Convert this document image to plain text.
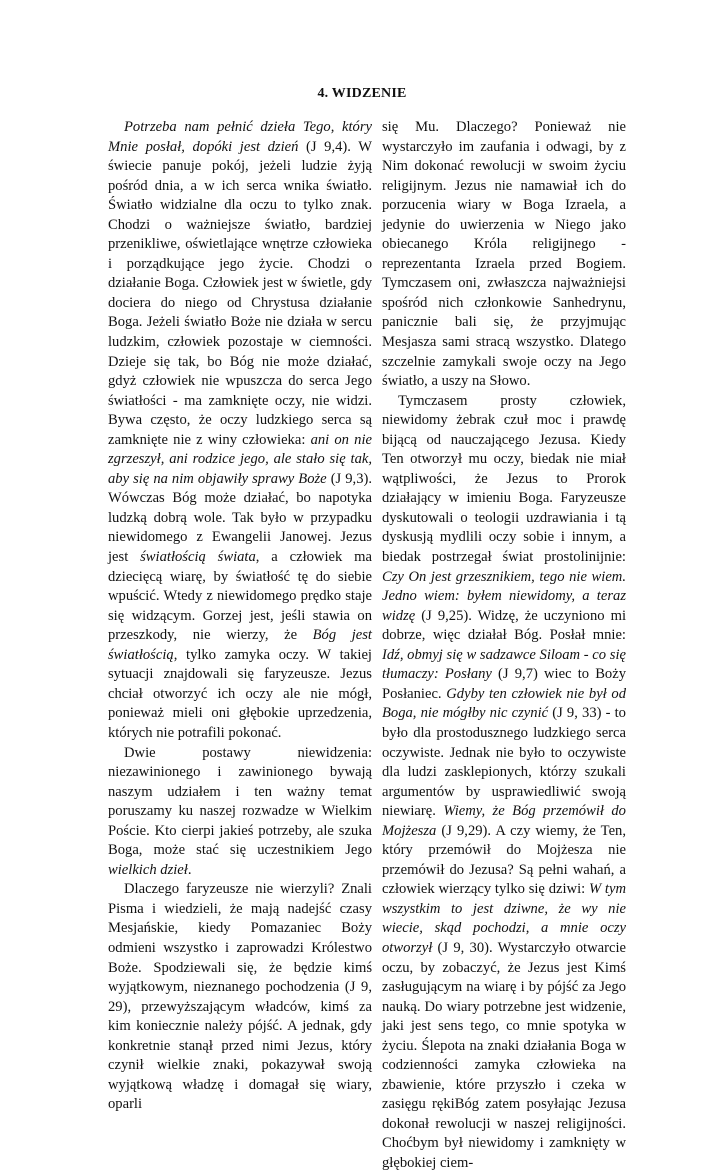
4. WIDZENIE

Potrzeba nam pełnić dzieła Tego, który Mnie posłał, dopóki jest dzień (J 9,4). W świecie panuje pokój, jeżeli ludzie żyją pośród dnia, a w ich serca wnika światło. Światło widzialne dla oczu to tylko znak. Chodzi o ważniejsze światło, bardziej przenikliwe, oświetlające wnętrze człowieka i porządkujące jego życie. Chodzi o działanie Boga. Człowiek jest w świetle, gdy dociera do niego od Chrystusa działanie Boga. Jeżeli światło Boże nie działa w sercu ludzkim, człowiek pozostaje w ciemności. Dzieje się tak, bo Bóg nie może działać, gdyż człowiek nie wpuszcza do serca Jego światłości - ma zamknięte oczy, nie widzi. Bywa często, że oczy ludzkiego serca są zamknięte nie z winy człowieka: ani on nie zgrzeszył, ani rodzice jego, ale stało się tak, aby się na nim objawiły sprawy Boże (J 9,3). Wówczas Bóg może działać, bo napotyka ludzką dobrą wole. Tak było w przypadku niewidomego z Ewangelii Janowej. Jezus jest światłością świata, a człowiek ma dziecięcą wiarę, by światłość tę do siebie wpuścić. Wtedy z niewidomego prędko staje się widzącym. Gorzej jest, jeśli stawia on przeszkody, nie wierzy, że Bóg jest światłością, tylko zamyka oczy. W takiej sytuacji znajdowali się faryzeusze. Jezus chciał otworzyć ich oczy ale nie mógł, ponieważ mieli oni głębokie uprzedzenia, których nie potrafili pokonać.

Dwie postawy niewidzenia: niezawinionego i zawinionego bywają naszym udziałem i ten ważny temat poruszamy ku naszej rozwadze w Wielkim Poście. Kto cierpi jakieś potrzeby, ale szuka Boga, może stać się uczestnikiem Jego wielkich dzieł.

Dlaczego faryzeusze nie wierzyli? Znali Pisma i wiedzieli, że mają nadejść czasy Mesjańskie, kiedy Pomazaniec Boży odmieni wszystko i zaprowadzi Królestwo Boże. Spodziewali się, że będzie kimś wyjątkowym, nieznanego pochodzenia (J 9, 29), przewyższającym władców, kimś za kim koniecznie należy pójść. A jednak, gdy konkretnie stanął przed nimi Jezus, który czynił wielkie znaki, pokazywał swoją wyjątkową władzę i domagał się wiary, oparli

się Mu. Dlaczego? Ponieważ nie wystarczyło im zaufania i odwagi, by z Nim dokonać rewolucji w swoim życiu religijnym. Jezus nie namawiał ich do porzucenia wiary w Boga Izraela, a jedynie do uwierzenia w Niego jako obiecanego Króla religijnego - reprezentanta Izraela przed Bogiem. Tymczasem oni, zwłaszcza najważniejsi spośród nich członkowie Sanhedrynu, panicznie bali się, że przyjmując Mesjasza sami stracą wszystko. Dlatego szczelnie zamykali swoje oczy na Jego światło, a uszy na Słowo.

Tymczasem prosty człowiek, niewidomy żebrak czuł moc i prawdę bijącą od nauczającego Jezusa. Kiedy Ten otworzył mu oczy, biedak nie miał wątpliwości, że Jezus to Prorok działający w imieniu Boga. Faryzeusze dyskutowali o teologii uzdrawiania i tą dyskusją mydlili oczy sobie i innym, a biedak postrzegał świat prostolinijnie: Czy On jest grzesznikiem, tego nie wiem. Jedno wiem: byłem niewidomy, a teraz widzę (J 9,25). Widzę, że uczyniono mi dobrze, więc działał Bóg. Posłał mnie: Idź, obmyj się w sadzawce Siloam - co się tłumaczy: Posłany (J 9,7) wiec to Boży Posłaniec. Gdyby ten człowiek nie był od Boga, nie mógłby nic czynić (J 9, 33) - to było dla prostodusznego ludzkiego serca oczywiste. Jednak nie było to oczywiste dla ludzi zasklepionych, którzy szukali argumentów by usprawiedliwić swoją niewiarę. Wiemy, że Bóg przemówił do Mojżesza (J 9,29). A czy wiemy, że Ten, który przemówił do Mojżesza nie przemówił do Jezusa? Są pełni wahań, a człowiek wierzący tylko się dziwi: W tym wszystkim to jest dziwne, że wy nie wiecie, skąd pochodzi, a mnie oczy otworzył (J 9, 30). Wystarczyło otwarcie oczu, by zobaczyć, że Jezus jest Kimś zasługującym na wiarę i by pójść za Jego nauką. Do wiary potrzebne jest widzenie, jaki jest sens tego, co mnie spotyka w życiu. Ślepota na znaki działania Boga w codzienności zamyka człowieka na zbawienie, które przyszło i czeka w zasięgu rękiBóg zatem posyłając Jezusa dokonał rewolucji w naszej religijności. Choćbym był niewidomy i zamknięty w głębokiej ciem-
